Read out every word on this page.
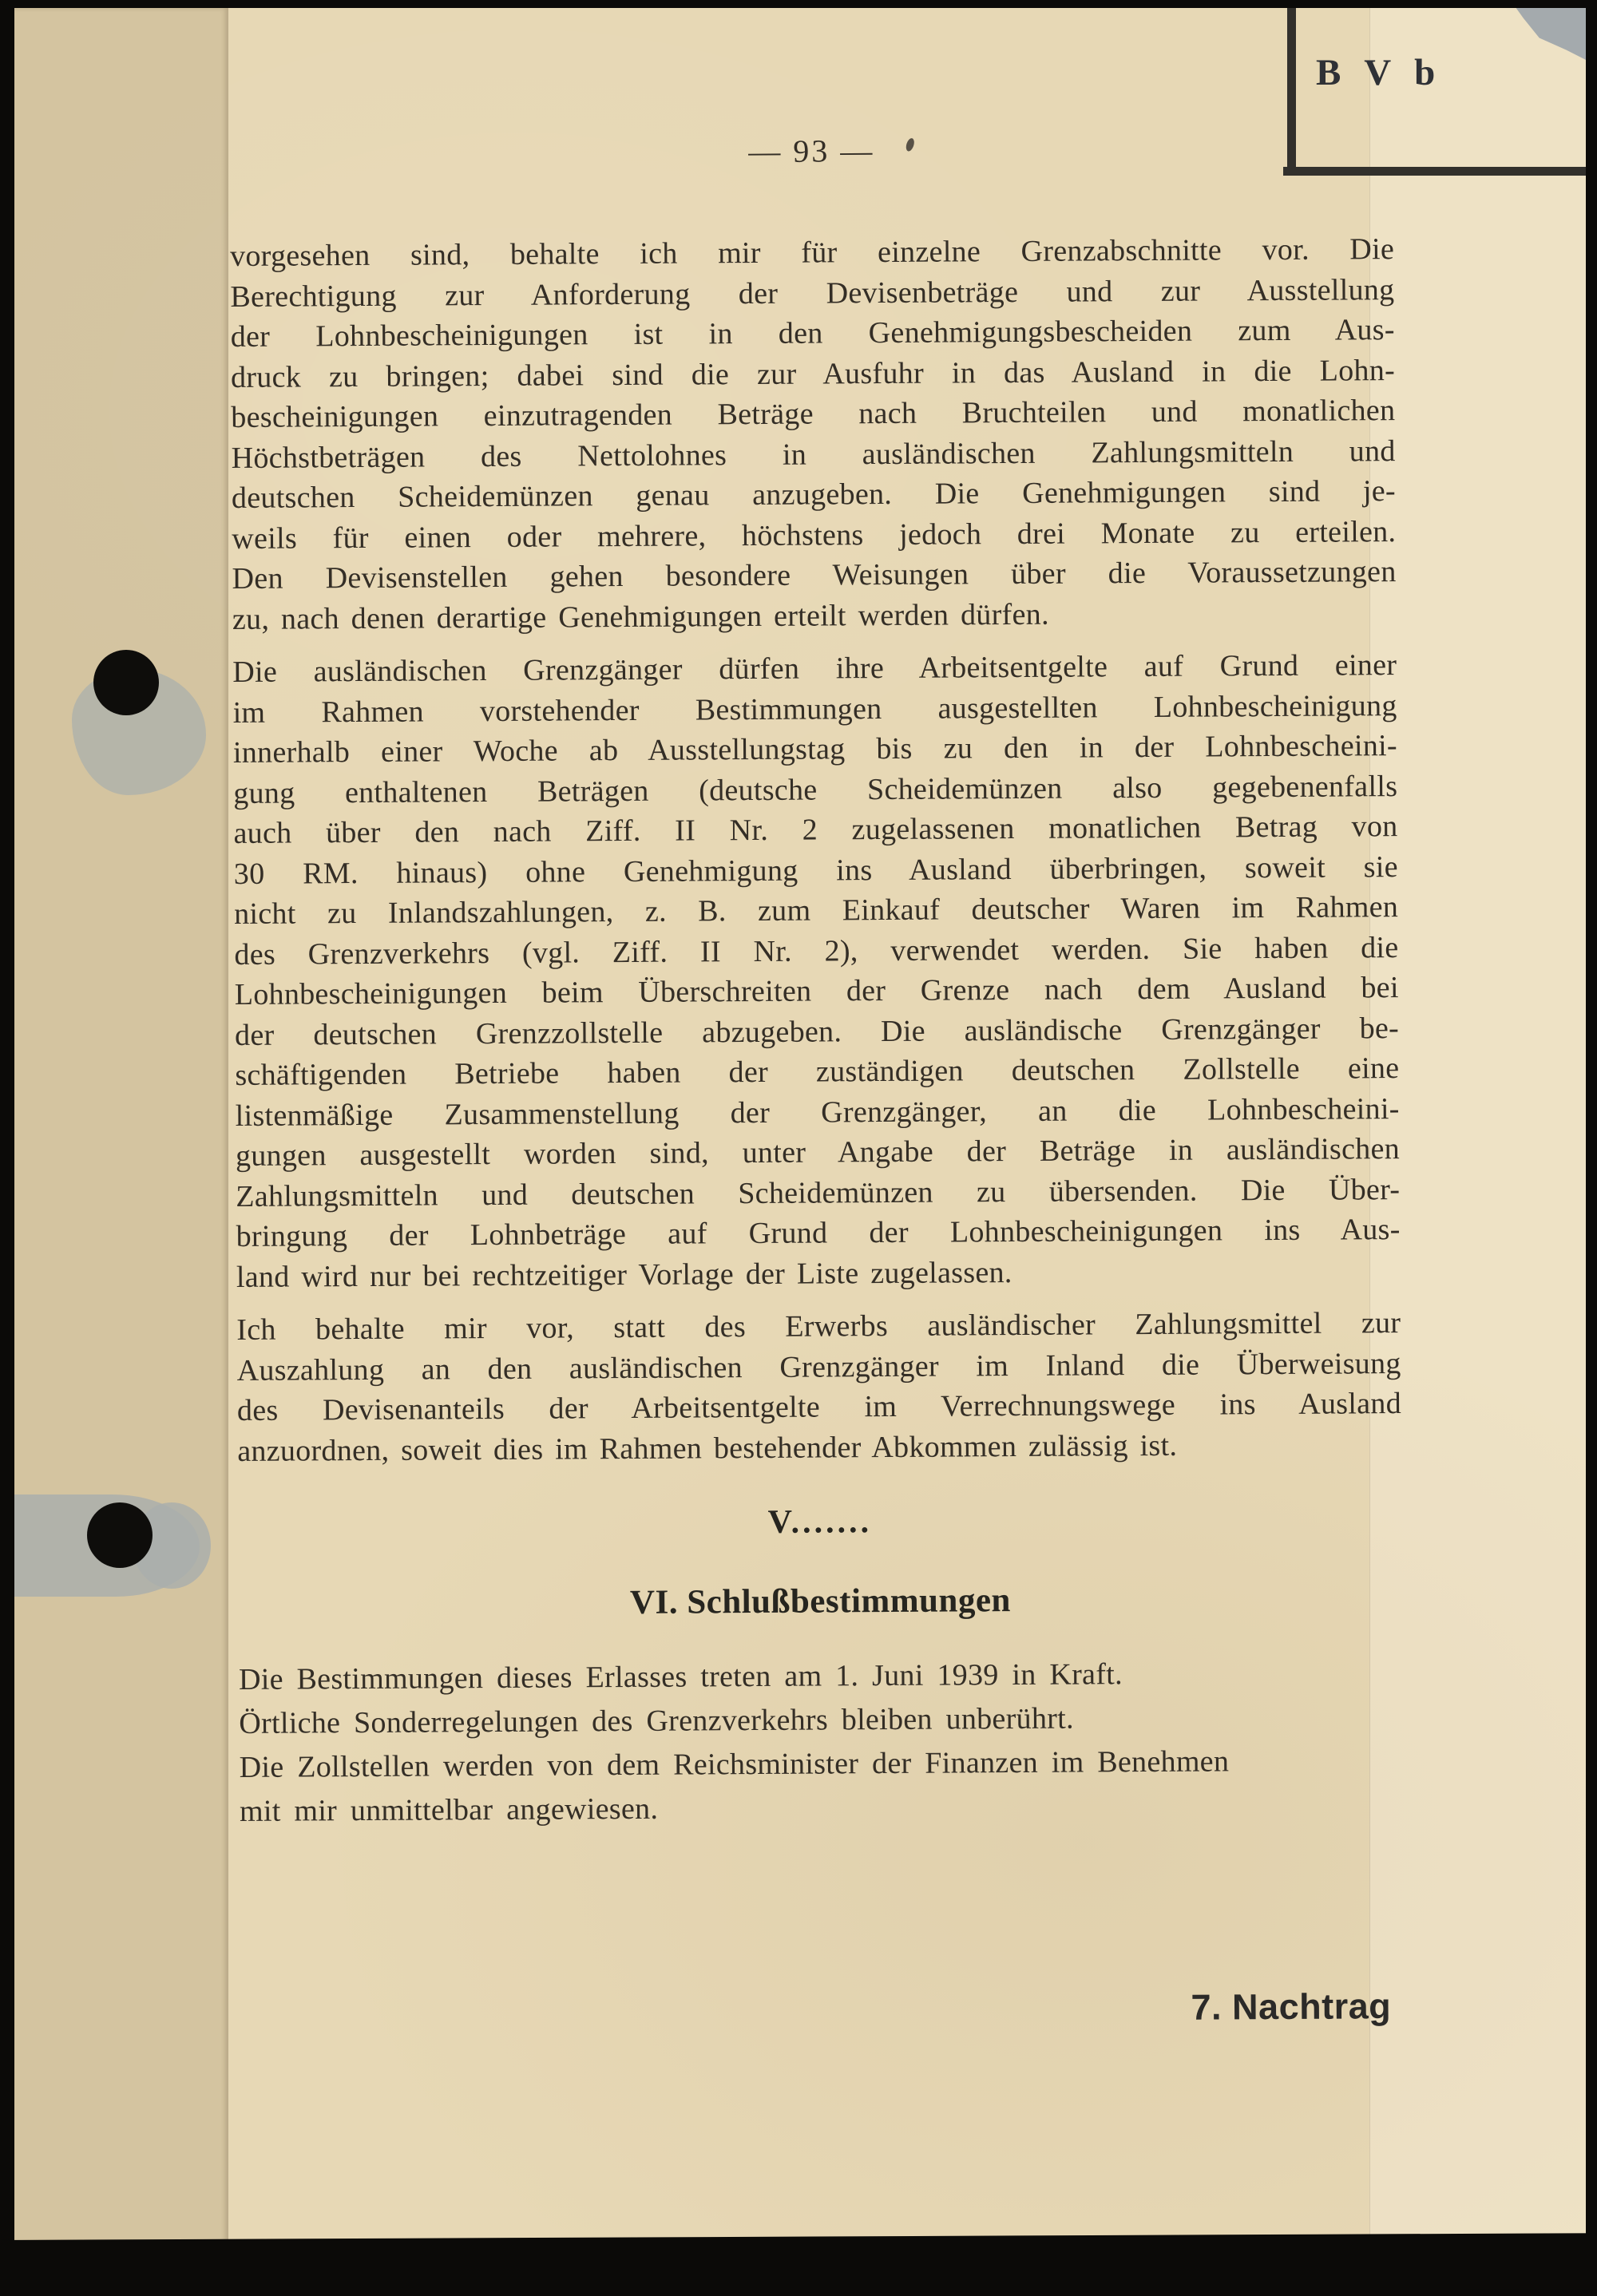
B V b
— 93 —
vorgesehen sind, behalte ich mir für einzelne Grenzabschnitte vor. Die
Berechtigung zur Anforderung der Devisenbeträge und zur Ausstellung
der Lohnbescheinigungen ist in den Genehmigungsbescheiden zum Aus-
druck zu bringen; dabei sind die zur Ausfuhr in das Ausland in die Lohn-
bescheinigungen einzutragenden Beträge nach Bruchteilen und monatlichen
Höchstbeträgen des Nettolohnes in ausländischen Zahlungsmitteln und
deutschen Scheidemünzen genau anzugeben. Die Genehmigungen sind je-
weils für einen oder mehrere, höchstens jedoch drei Monate zu erteilen.
Den Devisenstellen gehen besondere Weisungen über die Voraussetzungen
zu, nach denen derartige Genehmigungen erteilt werden dürfen.
Die ausländischen Grenzgänger dürfen ihre Arbeitsentgelte auf Grund einer
im Rahmen vorstehender Bestimmungen ausgestellten Lohnbescheinigung
innerhalb einer Woche ab Ausstellungstag bis zu den in der Lohnbescheini-
gung enthaltenen Beträgen (deutsche Scheidemünzen also gegebenenfalls
auch über den nach Ziff. II Nr. 2 zugelassenen monatlichen Betrag von
30 RM. hinaus) ohne Genehmigung ins Ausland überbringen, soweit sie
nicht zu Inlandszahlungen, z. B. zum Einkauf deutscher Waren im Rahmen
des Grenzverkehrs (vgl. Ziff. II Nr. 2), verwendet werden. Sie haben die
Lohnbescheinigungen beim Überschreiten der Grenze nach dem Ausland bei
der deutschen Grenzzollstelle abzugeben. Die ausländische Grenzgänger be-
schäftigenden Betriebe haben der zuständigen deutschen Zollstelle eine
listenmäßige Zusammenstellung der Grenzgänger, an die Lohnbescheini-
gungen ausgestellt worden sind, unter Angabe der Beträge in ausländischen
Zahlungsmitteln und deutschen Scheidemünzen zu übersenden. Die Über-
bringung der Lohnbeträge auf Grund der Lohnbescheinigungen ins Aus-
land wird nur bei rechtzeitiger Vorlage der Liste zugelassen.
Ich behalte mir vor, statt des Erwerbs ausländischer Zahlungsmittel zur
Auszahlung an den ausländischen Grenzgänger im Inland die Überweisung
des Devisenanteils der Arbeitsentgelte im Verrechnungswege ins Ausland
anzuordnen, soweit dies im Rahmen bestehender Abkommen zulässig ist.
V.......
VI. Schlußbestimmungen
Die Bestimmungen dieses Erlasses treten am 1. Juni 1939 in Kraft.
Örtliche Sonderregelungen des Grenzverkehrs bleiben unberührt.
Die Zollstellen werden von dem Reichsminister der Finanzen im Benehmen
mit mir unmittelbar angewiesen.
7. Nachtrag
